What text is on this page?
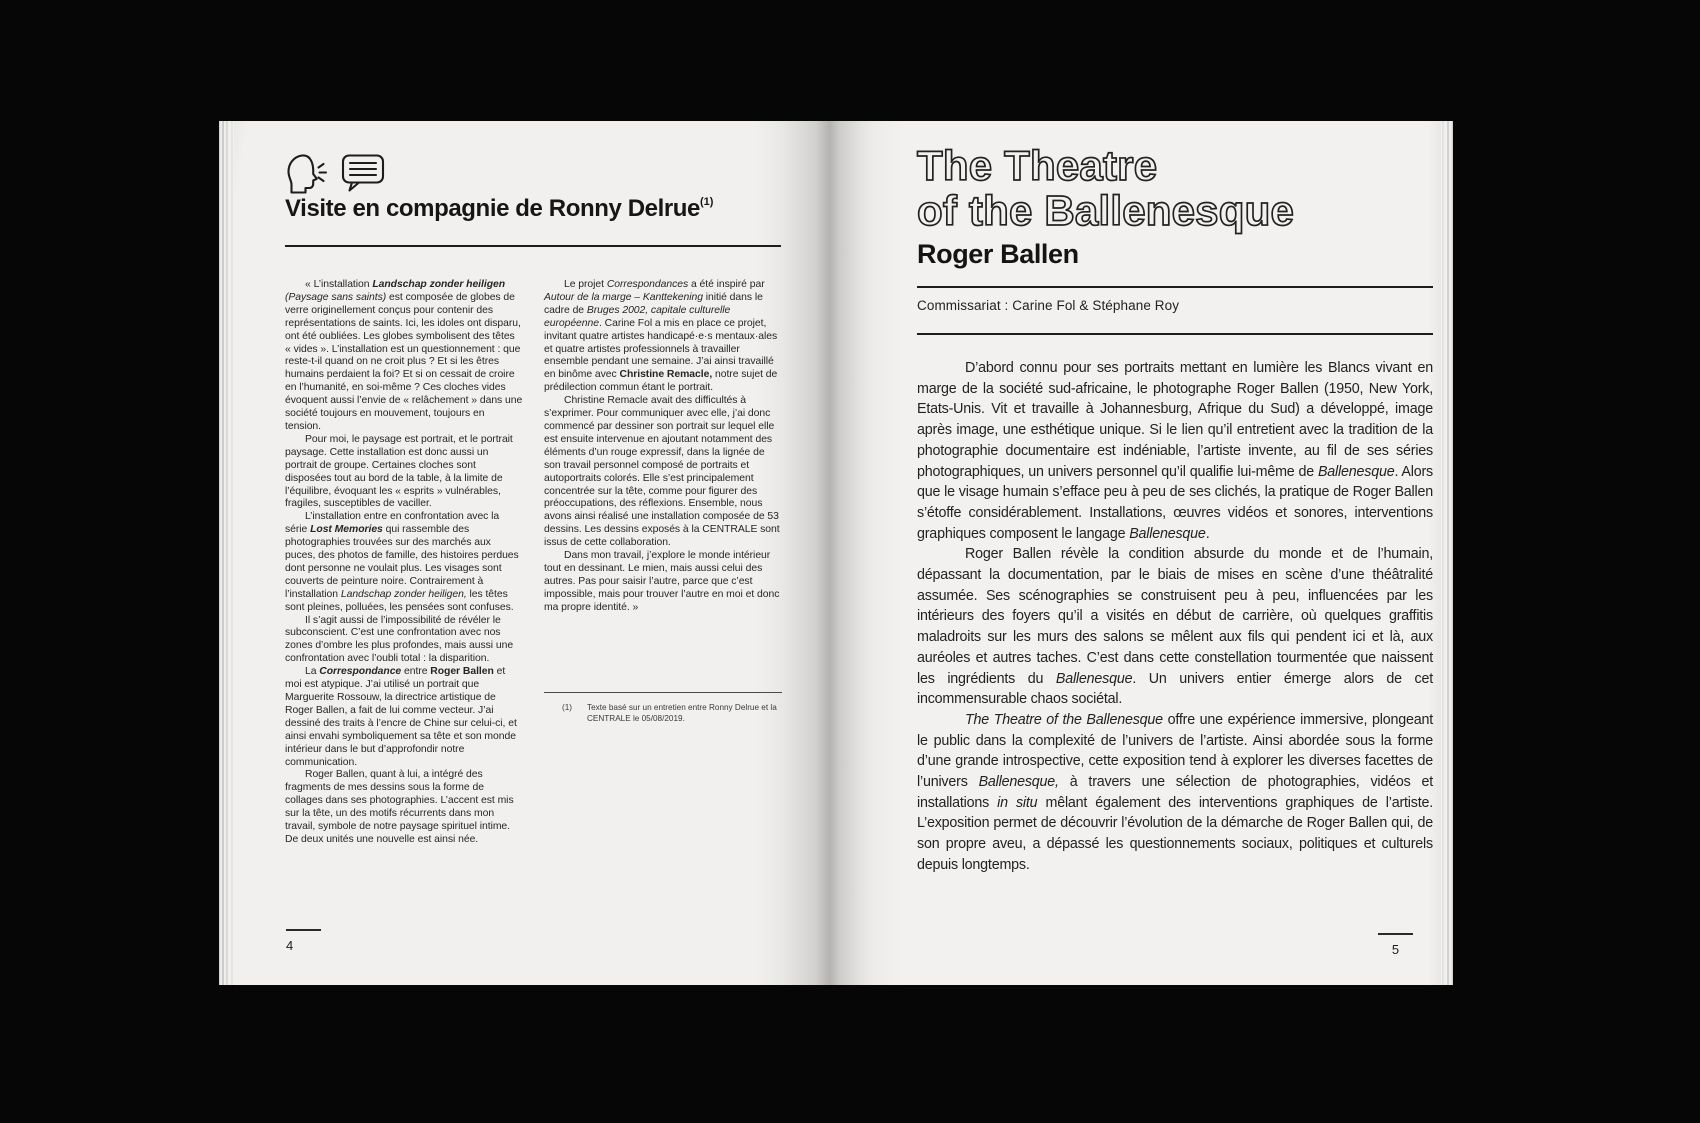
Visite en compagnie de Ronny Delrue$^{(1)}$

« L’installation Landschap zonder heiligen (Paysage sans saints) est composée de globes de verre originellement conçus pour contenir des représentations de saints. Ici, les idoles ont disparu, ont été oubliées. Les globes symbolisent des têtes « vides ». L’installation est un questionnement : que reste-t-il quand on ne croit plus ? Et si les êtres humains perdaient la foi? Et si on cessait de croire en l’humanité, en soi-même ? Ces cloches vides évoquent aussi l’envie de « relâchement » dans une société toujours en mouvement, toujours en tension.

Pour moi, le paysage est portrait, et le portrait paysage. Cette installation est donc aussi un portrait de groupe. Certaines cloches sont disposées tout au bord de la table, à la limite de l’équilibre, évoquant les « esprits » vulnérables, fragiles, susceptibles de vaciller.

L’installation entre en confrontation avec la série Lost Memories qui rassemble des photographies trouvées sur des marchés aux puces, des photos de famille, des histoires perdues dont personne ne voulait plus. Les visages sont couverts de peinture noire. Contrairement à l’installation Landschap zonder heiligen, les têtes sont pleines, polluées, les pensées sont confuses.

Il s’agit aussi de l’impossibilité de révéler le subconscient. C’est une confrontation avec nos zones d’ombre les plus profondes, mais aussi une confrontation avec l’oubli total : la disparition.

La Correspondance entre Roger Ballen et moi est atypique. J’ai utilisé un portrait que Marguerite Rossouw, la directrice artistique de Roger Ballen, a fait de lui comme vecteur. J’ai dessiné des traits à l’encre de Chine sur celui-ci, et ainsi envahi symboliquement sa tête et son monde intérieur dans le but d’approfondir notre communication.

Roger Ballen, quant à lui, a intégré des fragments de mes dessins sous la forme de collages dans ses photographies. L’accent est mis sur la tête, un des motifs récurrents dans mon travail, symbole de notre paysage spirituel intime. De deux unités une nouvelle est ainsi née.

Le projet Correspondances a été inspiré par Autour de la marge – Kanttekening initié dans le cadre de Bruges 2002, capitale culturelle européenne. Carine Fol a mis en place ce projet, invitant quatre artistes handicapé·e·s mentaux·ales et quatre artistes professionnels à travailler ensemble pendant une semaine. J’ai ainsi travaillé en binôme avec Christine Remacle, notre sujet de prédilection commun étant le portrait.

Christine Remacle avait des difficultés à s’exprimer. Pour communiquer avec elle, j’ai donc commencé par dessiner son portrait sur lequel elle est ensuite intervenue en ajoutant notamment des éléments d’un rouge expressif, dans la lignée de son travail personnel composé de portraits et autoportraits colorés. Elle s’est principalement concentrée sur la tête, comme pour figurer des préoccupations, des réflexions. Ensemble, nous avons ainsi réalisé une installation composée de 53 dessins. Les dessins exposés à la CENTRALE sont issus de cette collaboration.

Dans mon travail, j’explore le monde intérieur tout en dessinant. Le mien, mais aussi celui des autres. Pas pour saisir l’autre, parce que c’est impossible, mais pour trouver l’autre en moi et donc ma propre identité. »

(1)	Texte basé sur un entretien entre Ronny Delrue et la CENTRALE le 05/08/2019.
4
The Theatre
of the Ballenesque
Roger Ballen
Commissariat : Carine Fol & Stéphane Roy

D’abord connu pour ses portraits mettant en lumière les Blancs vivant en marge de la société sud-africaine, le photographe Roger Ballen (1950, New York, Etats-Unis. Vit et travaille à Johannesburg, Afrique du Sud) a développé, image après image, une esthétique unique. Si le lien qu’il entretient avec la tradition de la photographie documentaire est indéniable, l’artiste invente, au fil de ses séries photographiques, un univers personnel qu’il qualifie lui-même de Ballenesque. Alors que le visage humain s’efface peu à peu de ses clichés, la pratique de Roger Ballen s’étoffe considérablement. Installations, œuvres vidéos et sonores, interventions graphiques composent le langage Ballenesque.

Roger Ballen révèle la condition absurde du monde et de l’humain, dépassant la documentation, par le biais de mises en scène d’une théâtralité assumée. Ses scénographies se construisent peu à peu, influencées par les intérieurs des foyers qu’il a visités en début de carrière, où quelques graffitis maladroits sur les murs des salons se mêlent aux fils qui pendent ici et là, aux auréoles et autres taches. C’est dans cette constellation tourmentée que naissent les ingrédients du Ballenesque. Un univers entier émerge alors de cet incommensurable chaos sociétal.

The Theatre of the Ballenesque offre une expérience immersive, plongeant le public dans la complexité de l’univers de l’artiste. Ainsi abordée sous la forme d’une grande introspective, cette exposition tend à explorer les diverses facettes de l’univers Ballenesque, à travers une sélection de photographies, vidéos et installations in situ mêlant également des interventions graphiques de l’artiste. L’exposition permet de découvrir l’évolution de la démarche de Roger Ballen qui, de son propre aveu, a dépassé les questionnements sociaux, politiques et culturels depuis longtemps.

5
